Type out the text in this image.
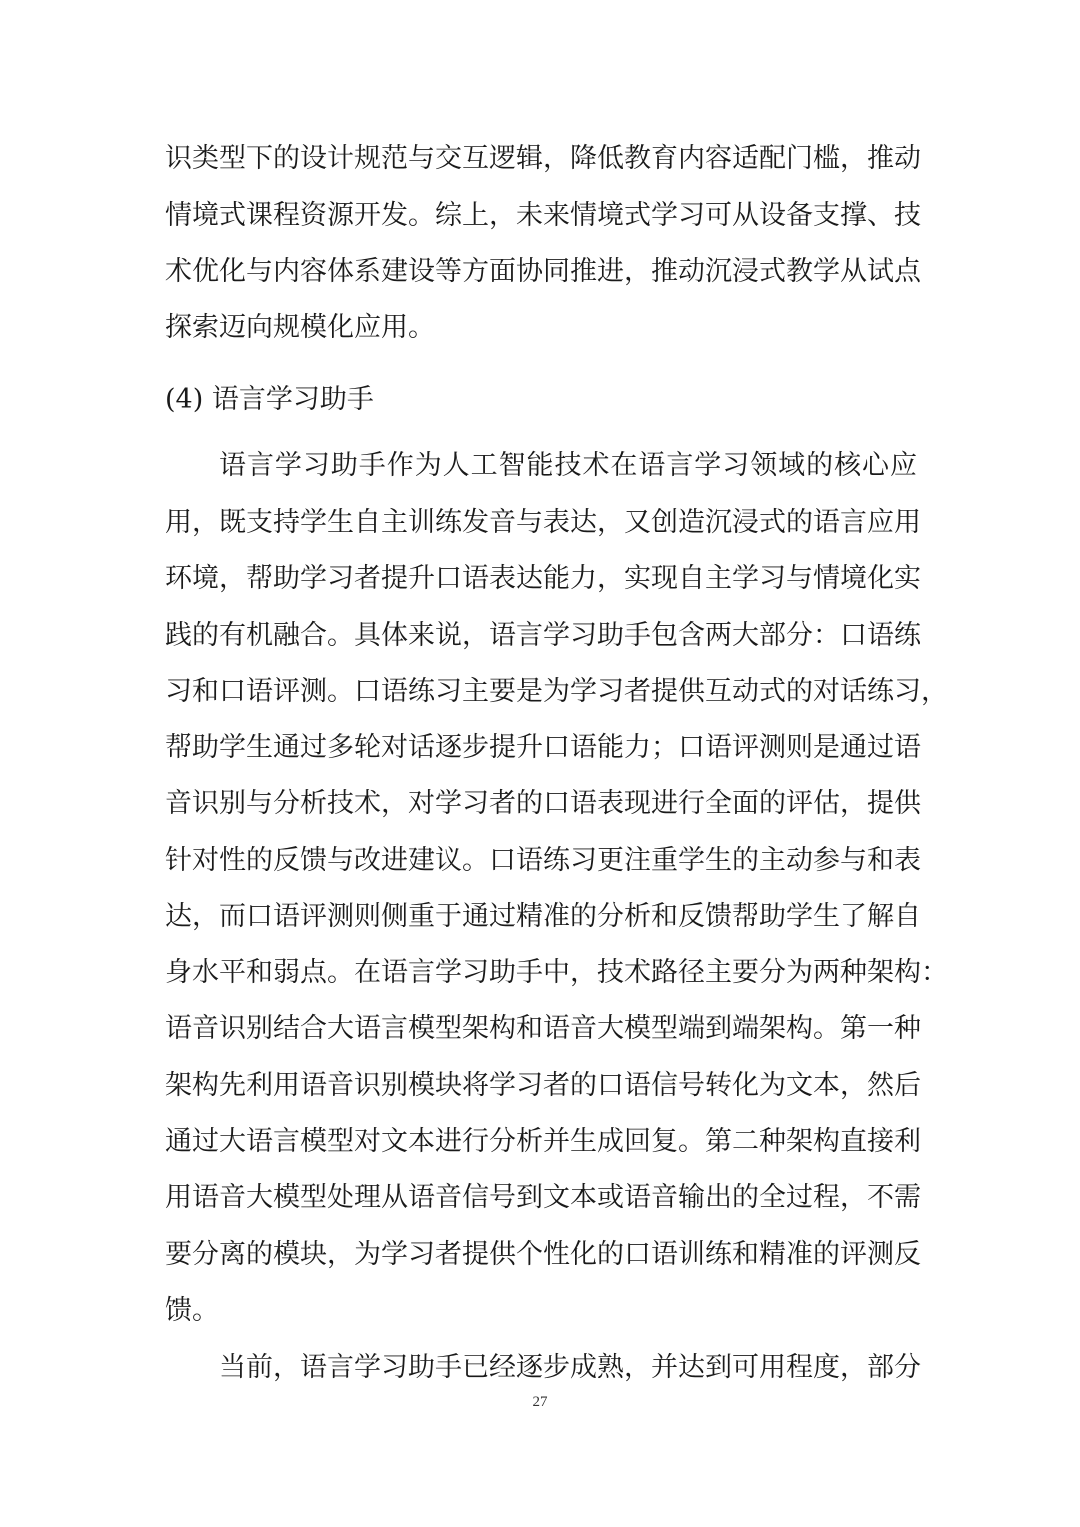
识类型下的设计规范与交互逻辑，降低教育内容适配门槛，推动
情境式课程资源开发。综上，未来情境式学习可从设备支撑、技
术优化与内容体系建设等方面协同推进，推动沉浸式教学从试点
探索迈向规模化应用。
(4) 语言学习助手
语言学习助手作为人工智能技术在语言学习领域的核心应
用，既支持学生自主训练发音与表达，又创造沉浸式的语言应用
环境，帮助学习者提升口语表达能力，实现自主学习与情境化实
践的有机融合。具体来说，语言学习助手包含两大部分：口语练
习和口语评测。口语练习主要是为学习者提供互动式的对话练习，
帮助学生通过多轮对话逐步提升口语能力；口语评测则是通过语
音识别与分析技术，对学习者的口语表现进行全面的评估，提供
针对性的反馈与改进建议。口语练习更注重学生的主动参与和表
达，而口语评测则侧重于通过精准的分析和反馈帮助学生了解自
身水平和弱点。在语言学习助手中，技术路径主要分为两种架构：
语音识别结合大语言模型架构和语音大模型端到端架构。第一种
架构先利用语音识别模块将学习者的口语信号转化为文本，然后
通过大语言模型对文本进行分析并生成回复。第二种架构直接利
用语音大模型处理从语音信号到文本或语音输出的全过程，不需
要分离的模块，为学习者提供个性化的口语训练和精准的评测反
馈。
当前，语言学习助手已经逐步成熟，并达到可用程度，部分
27
